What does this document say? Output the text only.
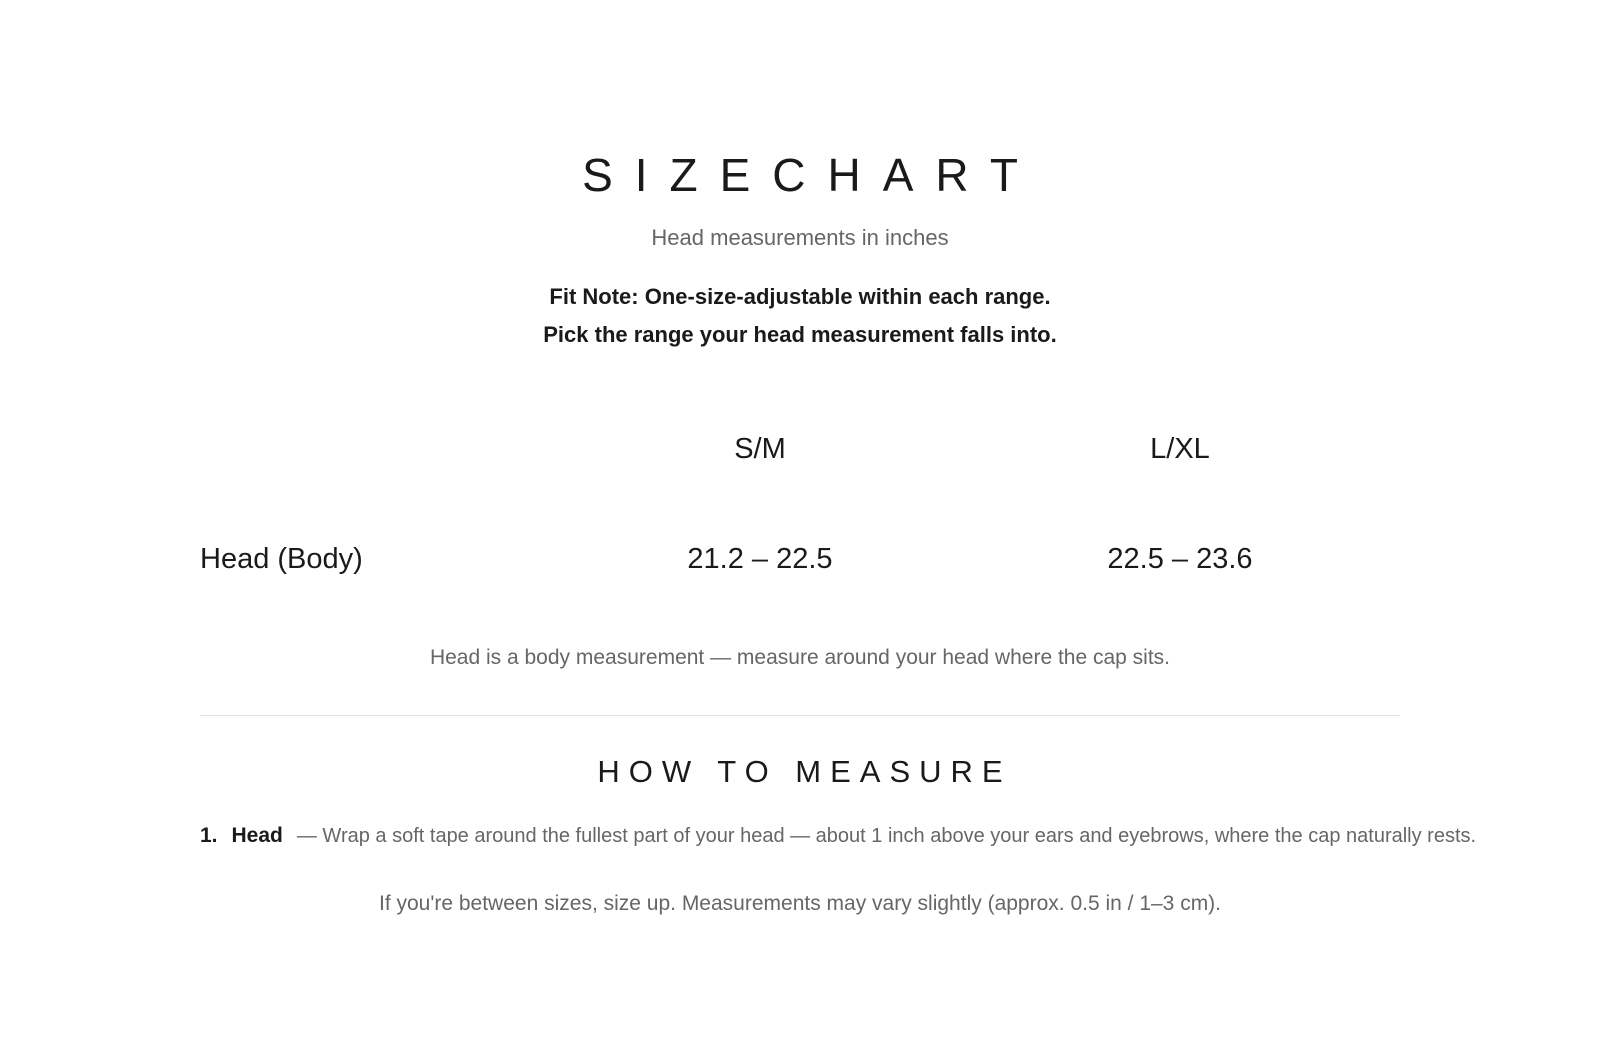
SIZECHART
Head measurements in inches
Fit Note: One-size-adjustable within each range.
Pick the range your head measurement falls into.
	S/M	L/XL
Head (Body)	21.2 – 22.5	22.5 – 23.6
Head is a body measurement — measure around your head where the cap sits.
HOW TO MEASURE
1. Head — Wrap a soft tape around the fullest part of your head — about 1 inch above your ears and eyebrows, where the cap naturally rests.
If you're between sizes, size up. Measurements may vary slightly (approx. 0.5 in / 1–3 cm).
